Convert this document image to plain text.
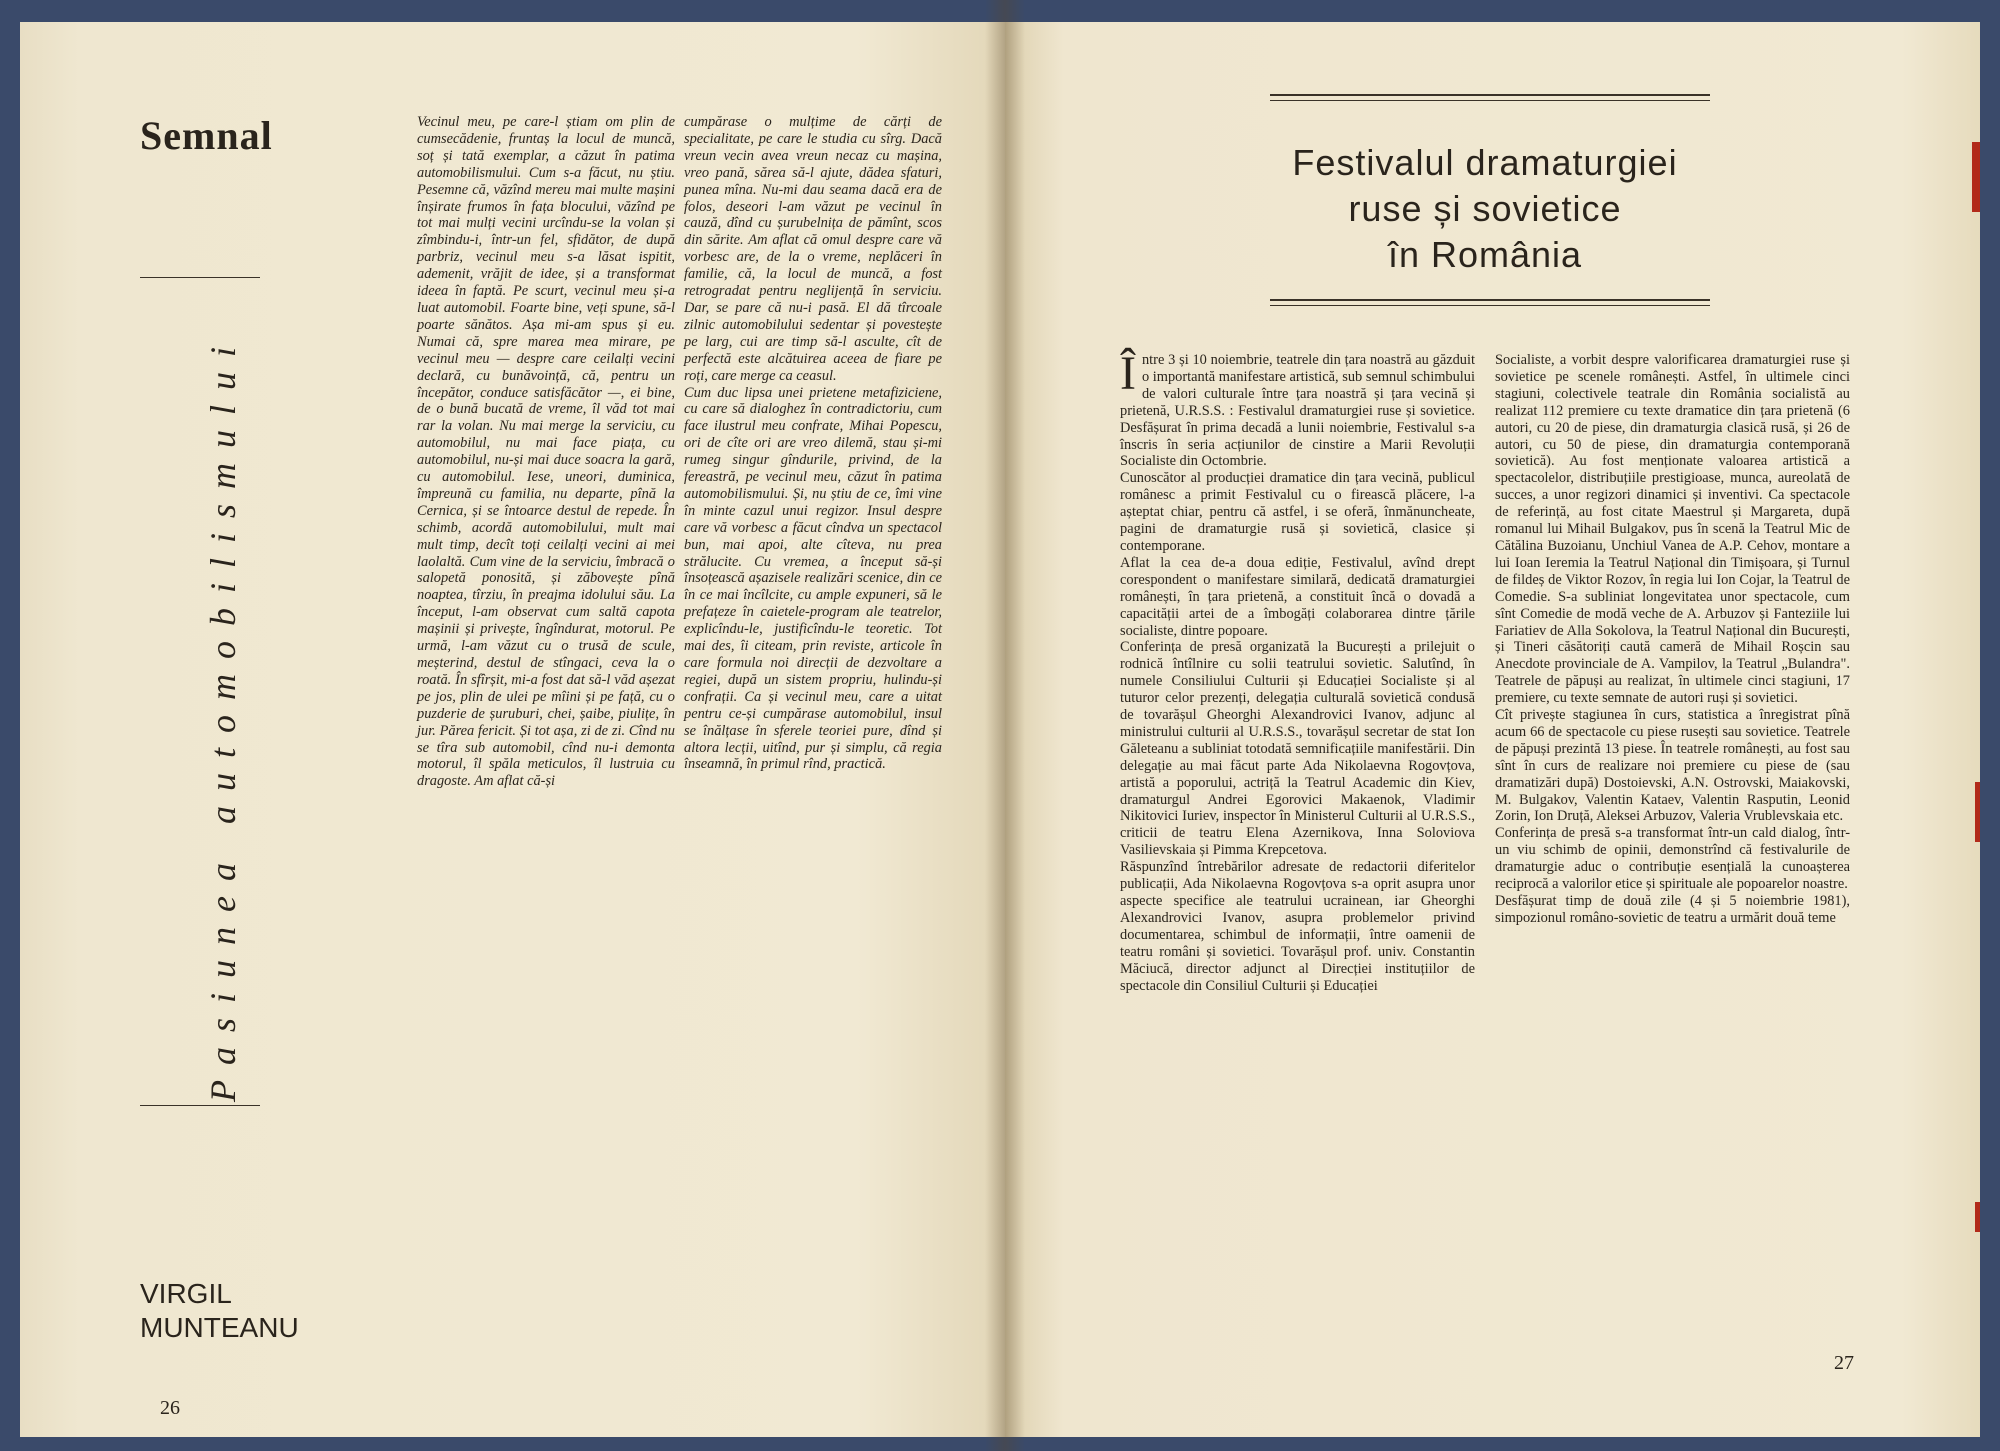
Semnal
Pasiunea automobilismului
VIRGIL
MUNTEANU
Vecinul meu, pe care-l știam om plin de cumsecădenie, fruntaș la locul de muncă, soț și tată exemplar, a căzut în patima automobilismului. Cum s-a făcut, nu știu. Pesemne că, văzînd mereu mai multe mașini înșirate frumos în fața blocului, văzînd pe tot mai mulți vecini urcîndu-se la volan și zîmbindu-i, într-un fel, sfidător, de după parbriz, vecinul meu s-a lăsat ispitit, ademenit, vrăjit de idee, și a transformat ideea în faptă. Pe scurt, vecinul meu și-a luat automobil. Foarte bine, veți spune, să-l poarte sănătos. Așa mi-am spus și eu. Numai că, spre marea mea mirare, pe vecinul meu — despre care ceilalți vecini declară, cu bunăvoință, că, pentru un începător, conduce satisfăcător —, ei bine, de o bună bucată de vreme, îl văd tot mai rar la volan. Nu mai merge la serviciu, cu automobilul, nu mai face piața, cu automobilul, nu-și mai duce soacra la gară, cu automobilul. Iese, uneori, duminica, împreună cu familia, nu departe, pînă la Cernica, și se întoarce destul de repede. În schimb, acordă automobilului, mult mai mult timp, decît toți ceilalți vecini ai mei laolaltă. Cum vine de la serviciu, îmbracă o salopetă ponosită, și zăbovește pînă noaptea, tîrziu, în preajma idolului său. La început, l-am observat cum saltă capota mașinii și privește, îngîndurat, motorul. Pe urmă, l-am văzut cu o trusă de scule, meșterind, destul de stîngaci, ceva la o roată. În sfîrșit, mi-a fost dat să-l văd așezat pe jos, plin de ulei pe mîini și pe față, cu o puzderie de șuruburi, chei, șaibe, piulițe, în jur. Părea fericit. Și tot așa, zi de zi. Cînd nu se tîra sub automobil, cînd nu-i demonta motorul, îl spăla meticulos, îl lustruia cu dragoste. Am aflat că-și
cumpărase o mulțime de cărți de specialitate, pe care le studia cu sîrg. Dacă vreun vecin avea vreun necaz cu mașina, vreo pană, sărea să-l ajute, dădea sfaturi, punea mîna. Nu-mi dau seama dacă era de folos, deseori l-am văzut pe vecinul în cauză, dînd cu șurubelnița de pămînt, scos din sărite. Am aflat că omul despre care vă vorbesc are, de la o vreme, neplăceri în familie, că, la locul de muncă, a fost retrogradat pentru neglijență în serviciu. Dar, se pare că nu-i pasă. El dă tîrcoale zilnic automobilului sedentar și povestește pe larg, cui are timp să-l asculte, cît de perfectă este alcătuirea aceea de fiare pe roți, care merge ca ceasul.
Cum duc lipsa unei prietene metafiziciene, cu care să dialoghez în contradictoriu, cum face ilustrul meu confrate, Mihai Popescu, ori de cîte ori are vreo dilemă, stau și-mi rumeg singur gîndurile, privind, de la fereastră, pe vecinul meu, căzut în patima automobilismului. Și, nu știu de ce, îmi vine în minte cazul unui regizor. Insul despre care vă vorbesc a făcut cîndva un spectacol bun, mai apoi, alte cîteva, nu prea strălucite. Cu vremea, a început să-și însoțească așazisele realizări scenice, din ce în ce mai încîlcite, cu ample expuneri, să le prefațeze în caietele-program ale teatrelor, explicîndu-le, justificîndu-le teoretic. Tot mai des, îi citeam, prin reviste, articole în care formula noi direcții de dezvoltare a regiei, după un sistem propriu, hulindu-și confrații. Ca și vecinul meu, care a uitat pentru ce-și cumpărase automobilul, insul se înălțase în sferele teoriei pure, dînd și altora lecții, uitînd, pur și simplu, că regia înseamnă, în primul rînd, practică.
26
Festivalul dramaturgiei
ruse și sovietice
în România
Între 3 și 10 noiembrie, teatrele din țara noastră au găzduit o importantă manifestare artistică, sub semnul schimbului de valori culturale între țara noastră și țara vecină și prietenă, U.R.S.S. : Festivalul dramaturgiei ruse și sovietice. Desfășurat în prima decadă a lunii noiembrie, Festivalul s-a înscris în seria acțiunilor de cinstire a Marii Revoluții Socialiste din Octombrie.
Cunoscător al producției dramatice din țara vecină, publicul românesc a primit Festivalul cu o firească plăcere, l-a așteptat chiar, pentru că astfel, i se oferă, înmănuncheate, pagini de dramaturgie rusă și sovietică, clasice și contemporane.
Aflat la cea de-a doua ediție, Festivalul, avînd drept corespondent o manifestare similară, dedicată dramaturgiei românești, în țara prietenă, a constituit încă o dovadă a capacității artei de a îmbogăți colaborarea dintre țările socialiste, dintre popoare.
Conferința de presă organizată la București a prilejuit o rodnică întîlnire cu solii teatrului sovietic. Salutînd, în numele Consiliului Culturii și Educației Socialiste și al tuturor celor prezenți, delegația culturală sovietică condusă de tovarășul Gheorghi Alexandrovici Ivanov, adjunc al ministrului culturii al U.R.S.S., tovarășul secretar de stat Ion Găleteanu a subliniat totodată semnificațiile manifestării. Din delegație au mai făcut parte Ada Nikolaevna Rogovțova, artistă a poporului, actriță la Teatrul Academic din Kiev, dramaturgul Andrei Egorovici Makaenok, Vladimir Nikitovici Iuriev, inspector în Ministerul Culturii al U.R.S.S., criticii de teatru Elena Azernikova, Inna Soloviova Vasilievskaia și Pimma Krepcetova.
Răspunzînd întrebărilor adresate de redactorii diferitelor publicații, Ada Nikolaevna Rogovțova s-a oprit asupra unor aspecte specifice ale teatrului ucrainean, iar Gheorghi Alexandrovici Ivanov, asupra problemelor privind documentarea, schimbul de informații, între oamenii de teatru români și sovietici. Tovarășul prof. univ. Constantin Măciucă, director adjunct al Direcției instituțiilor de spectacole din Consiliul Culturii și Educației
Socialiste, a vorbit despre valorificarea dramaturgiei ruse și sovietice pe scenele românești. Astfel, în ultimele cinci stagiuni, colectivele teatrale din România socialistă au realizat 112 premiere cu texte dramatice din țara prietenă (6 autori, cu 20 de piese, din dramaturgia clasică rusă, și 26 de autori, cu 50 de piese, din dramaturgia contemporană sovietică). Au fost menționate valoarea artistică a spectacolelor, distribuțiile prestigioase, munca, aureolată de succes, a unor regizori dinamici și inventivi. Ca spectacole de referință, au fost citate Maestrul și Margareta, după romanul lui Mihail Bulgakov, pus în scenă la Teatrul Mic de Cătălina Buzoianu, Unchiul Vanea de A.P. Cehov, montare a lui Ioan Ieremia la Teatrul Național din Timișoara, și Turnul de fildeș de Viktor Rozov, în regia lui Ion Cojar, la Teatrul de Comedie. S-a subliniat longevitatea unor spectacole, cum sînt Comedie de modă veche de A. Arbuzov și Fanteziile lui Fariatiev de Alla Sokolova, la Teatrul Național din București, și Tineri căsătoriți caută cameră de Mihail Roșcin sau Anecdote provinciale de A. Vampilov, la Teatrul „Bulandra". Teatrele de păpuși au realizat, în ultimele cinci stagiuni, 17 premiere, cu texte semnate de autori ruși și sovietici.
Cît privește stagiunea în curs, statistica a înregistrat pînă acum 66 de spectacole cu piese rusești sau sovietice. Teatrele de păpuși prezintă 13 piese. În teatrele românești, au fost sau sînt în curs de realizare noi premiere cu piese de (sau dramatizări după) Dostoievski, A.N. Ostrovski, Maiakovski, M. Bulgakov, Valentin Kataev, Valentin Rasputin, Leonid Zorin, Ion Druță, Aleksei Arbuzov, Valeria Vrublevskaia etc.
Conferința de presă s-a transformat într-un cald dialog, într-un viu schimb de opinii, demonstrînd că festivalurile de dramaturgie aduc o contribuție esențială la cunoașterea reciprocă a valorilor etice și spirituale ale popoarelor noastre.
Desfășurat timp de două zile (4 și 5 noiembrie 1981), simpozionul româno-sovietic de teatru a urmărit două teme
27
